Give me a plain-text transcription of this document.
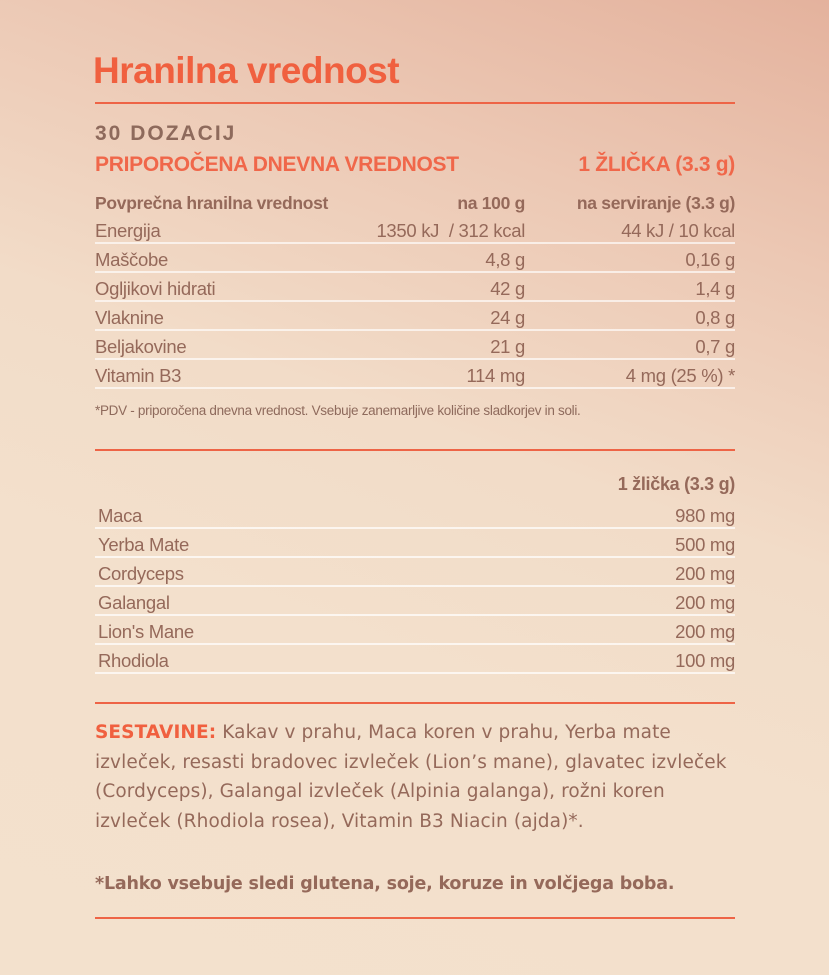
Hranilna vrednost
30 DOZACIJ
PRIPOROČENA DNEVNA VREDNOST	1 ŽLIČKA (3.3 g)
Povprečna hranilna vrednost	na 100 g	na serviranje (3.3 g)
Energija	1350 kJ  / 312 kcal	44 kJ / 10 kcal
Maščobe	4,8 g	0,16 g
Ogljikovi hidrati	42 g	1,4 g
Vlaknine	24 g	0,8 g
Beljakovine	21 g	0,7 g
Vitamin B3	114 mg	4 mg (25 %) *
*PDV - priporočena dnevna vrednost. Vsebuje zanemarljive količine sladkorjev in soli.
1 žlička (3.3 g)
Maca	980 mg
Yerba Mate	500 mg
Cordyceps	200 mg
Galangal	200 mg
Lion's Mane	200 mg
Rhodiola	100 mg

SESTAVINE: Kakav v prahu, Maca koren v prahu, Yerba mate izvleček, resasti bradovec izvleček (Lion’s mane), glavatec izvleček (Cordyceps), Galangal izvleček (Alpinia galanga), rožni koren izvleček (Rhodiola rosea), Vitamin B3 Niacin (ajda)*.

*Lahko vsebuje sledi glutena, soje, koruze in volčjega boba.
